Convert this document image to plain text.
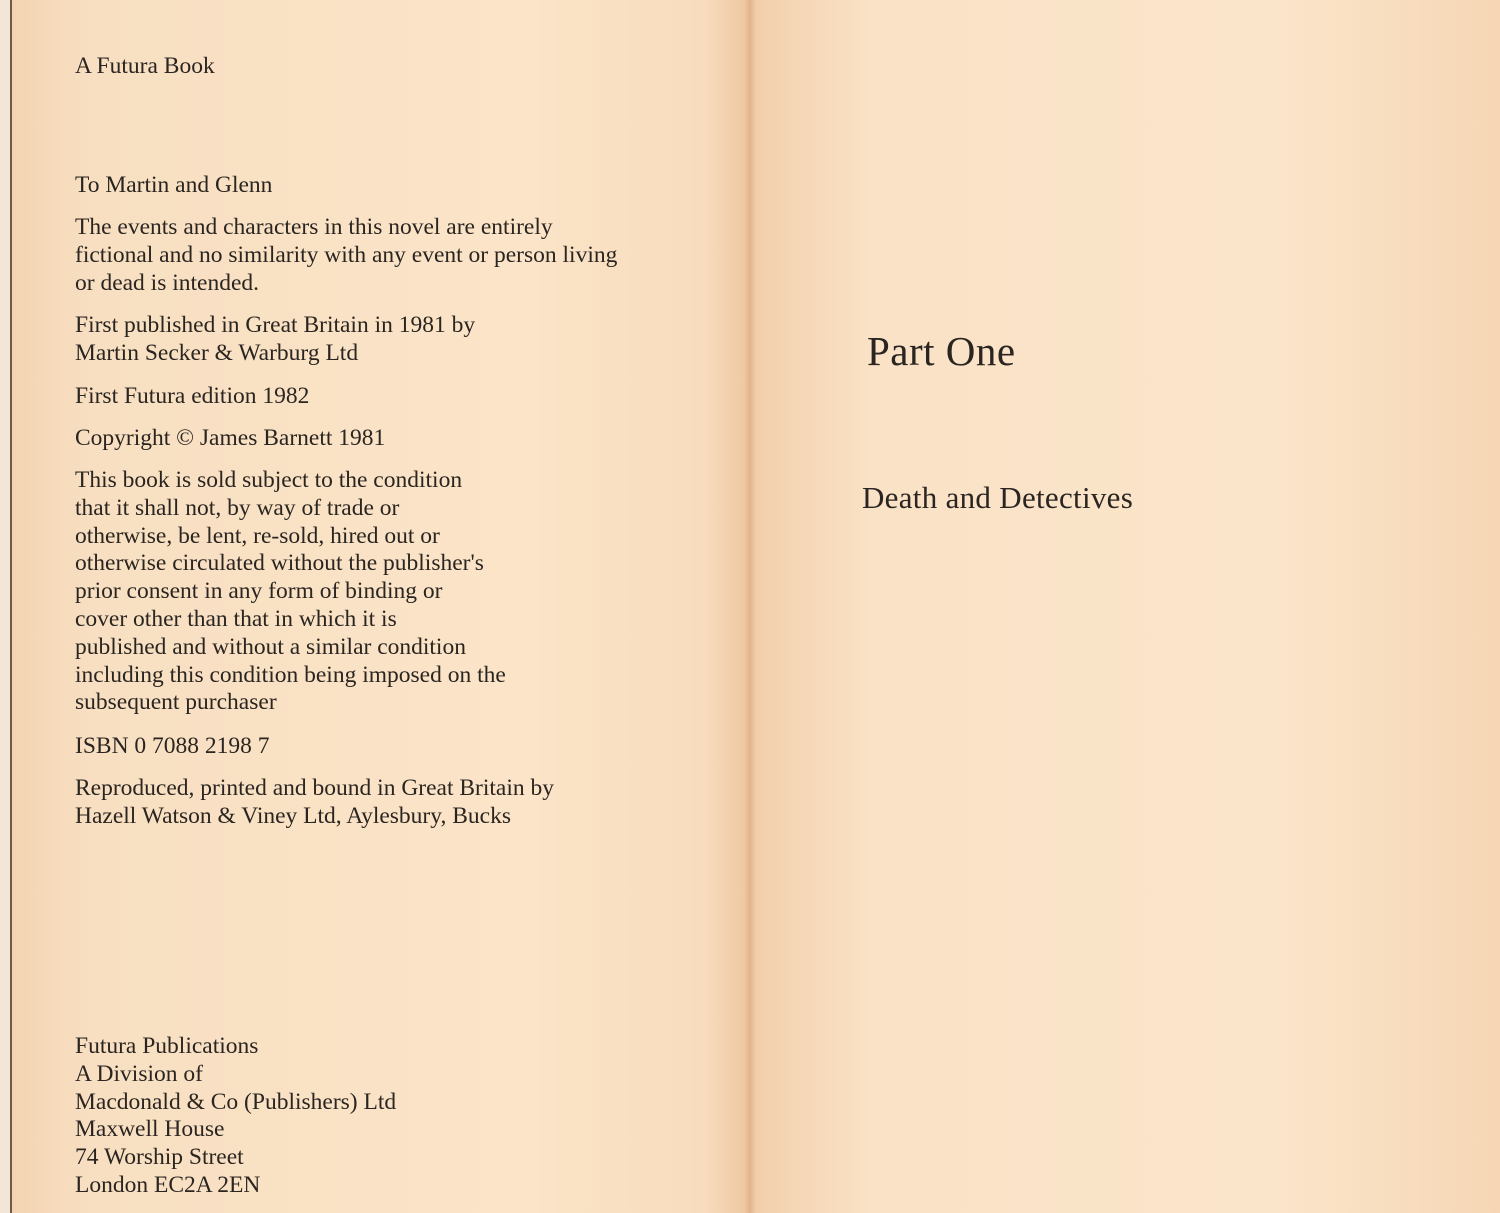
A Futura Book
To Martin and Glenn
The events and characters in this novel are entirely
fictional and no similarity with any event or person living
or dead is intended.
First published in Great Britain in 1981 by
Martin Secker & Warburg Ltd
First Futura edition 1982
Copyright © James Barnett 1981
This book is sold subject to the condition
that it shall not, by way of trade or
otherwise, be lent, re-sold, hired out or
otherwise circulated without the publisher's
prior consent in any form of binding or
cover other than that in which it is
published and without a similar condition
including this condition being imposed on the
subsequent purchaser
ISBN 0 7088 2198 7
Reproduced, printed and bound in Great Britain by
Hazell Watson & Viney Ltd, Aylesbury, Bucks
Futura Publications
A Division of
Macdonald & Co (Publishers) Ltd
Maxwell House
74 Worship Street
London EC2A 2EN
Part One
Death and Detectives
